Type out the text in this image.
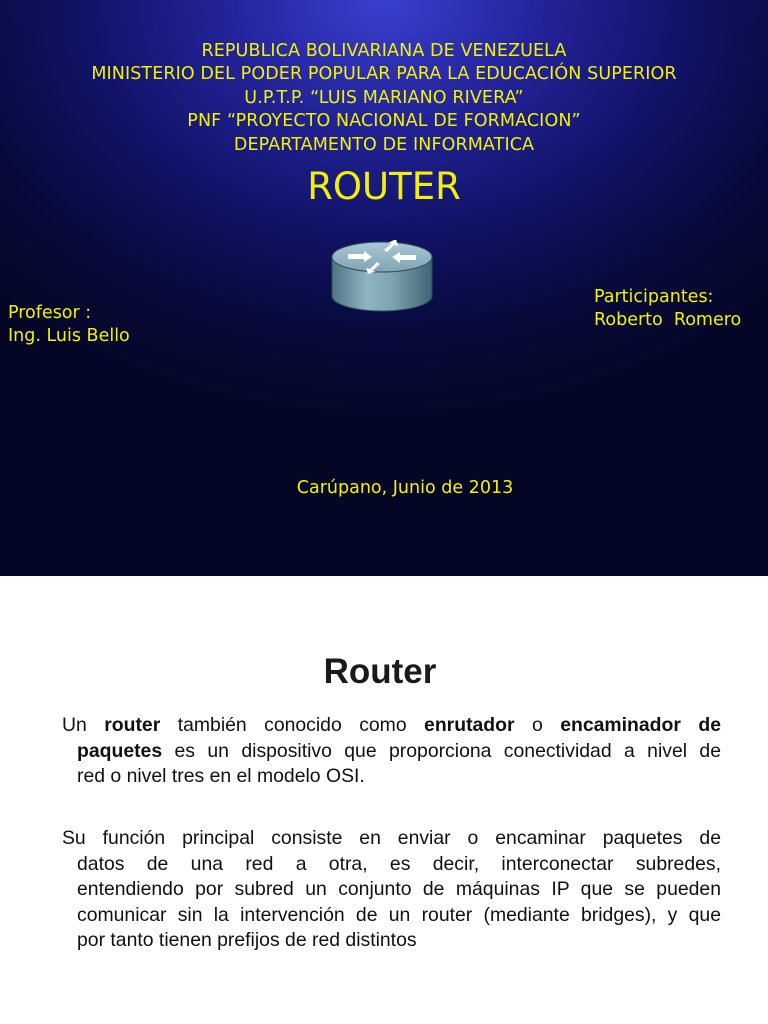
REPUBLICA BOLIVARIANA DE VENEZUELA
MINISTERIO DEL PODER POPULAR PARA LA EDUCACIÓN SUPERIOR
U.P.T.P. “LUIS MARIANO RIVERA”
PNF “PROYECTO NACIONAL DE FORMACION”
DEPARTAMENTO DE INFORMATICA
ROUTER
Profesor :
Ing. Luis Bello
Participantes:
Roberto  Romero
Carúpano, Junio de 2013
Router
Un router también conocido como enrutador o encaminador de
paquetes es un dispositivo que proporciona conectividad a nivel de
red o nivel tres en el modelo OSI.
Su función principal consiste en enviar o encaminar paquetes de
datos de una red a otra, es decir, interconectar subredes,
entendiendo por subred un conjunto de máquinas IP que se pueden
comunicar sin la intervención de un router (mediante bridges), y que
por tanto tienen prefijos de red distintos
